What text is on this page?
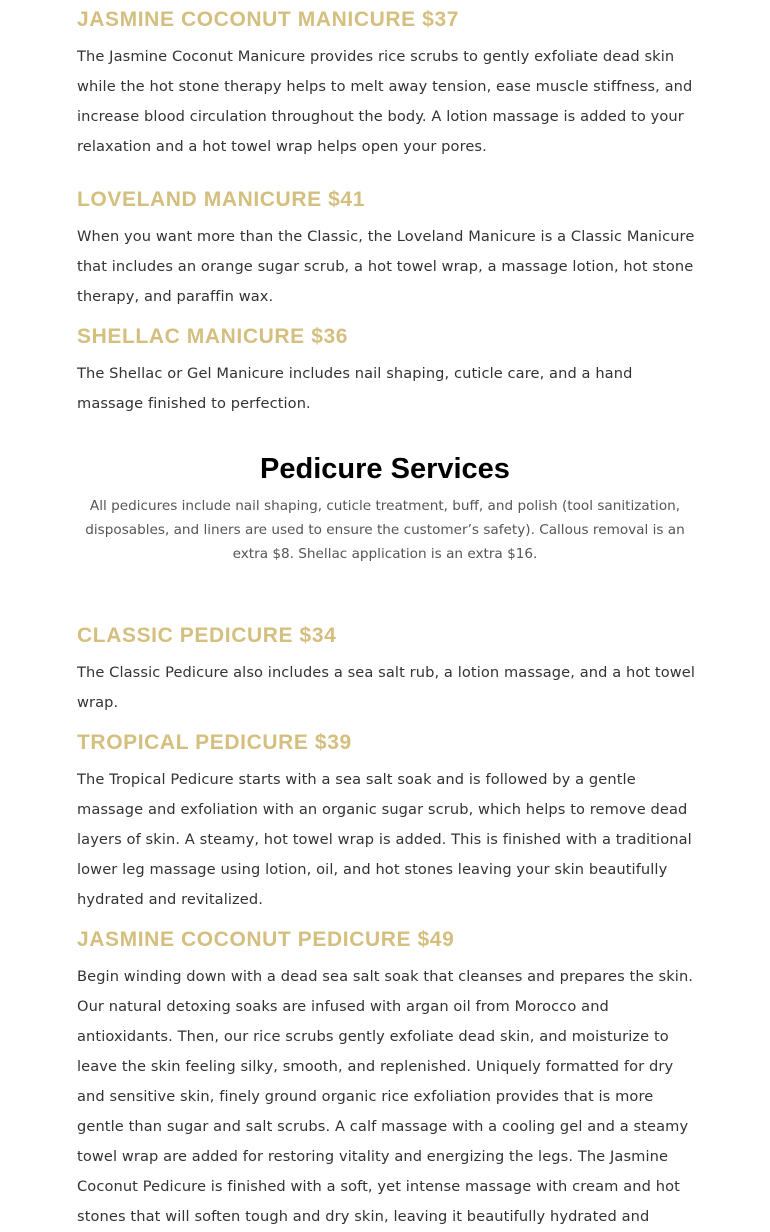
JASMINE COCONUT MANICURE $37

The Jasmine Coconut Manicure provides rice scrubs to gently exfoliate dead skin while the hot stone therapy helps to melt away tension, ease muscle stiffness, and increase blood circulation throughout the body. A lotion massage is added to your relaxation and a hot towel wrap helps open your pores.

LOVELAND MANICURE $41

When you want more than the Classic, the Loveland Manicure is a Classic Manicure that includes an orange sugar scrub, a hot towel wrap, a massage lotion, hot stone therapy, and paraffin wax.

SHELLAC MANICURE $36

The Shellac or Gel Manicure includes nail shaping, cuticle care, and a hand massage finished to perfection.

Pedicure Services

All pedicures include nail shaping, cuticle treatment, buff, and polish (tool sanitization, disposables, and liners are used to ensure the customer’s safety). Callous removal is an extra $8. Shellac application is an extra $16.

CLASSIC PEDICURE $34

The Classic Pedicure also includes a sea salt rub, a lotion massage, and a hot towel wrap.

TROPICAL PEDICURE $39

The Tropical Pedicure starts with a sea salt soak and is followed by a gentle massage and exfoliation with an organic sugar scrub, which helps to remove dead layers of skin. A steamy, hot towel wrap is added. This is finished with a traditional lower leg massage using lotion, oil, and hot stones leaving your skin beautifully hydrated and revitalized.

JASMINE COCONUT PEDICURE $49

Begin winding down with a dead sea salt soak that cleanses and prepares the skin. Our natural detoxing soaks are infused with argan oil from Morocco and antioxidants. Then, our rice scrubs gently exfoliate dead skin, and moisturize to leave the skin feeling silky, smooth, and replenished. Uniquely formatted for dry and sensitive skin, finely ground organic rice exfoliation provides that is more gentle than sugar and salt scrubs. A calf massage with a cooling gel and a steamy towel wrap are added for restoring vitality and energizing the legs. The Jasmine Coconut Pedicure is finished with a soft, yet intense massage with cream and hot stones that will soften tough and dry skin, leaving it beautifully hydrated and
